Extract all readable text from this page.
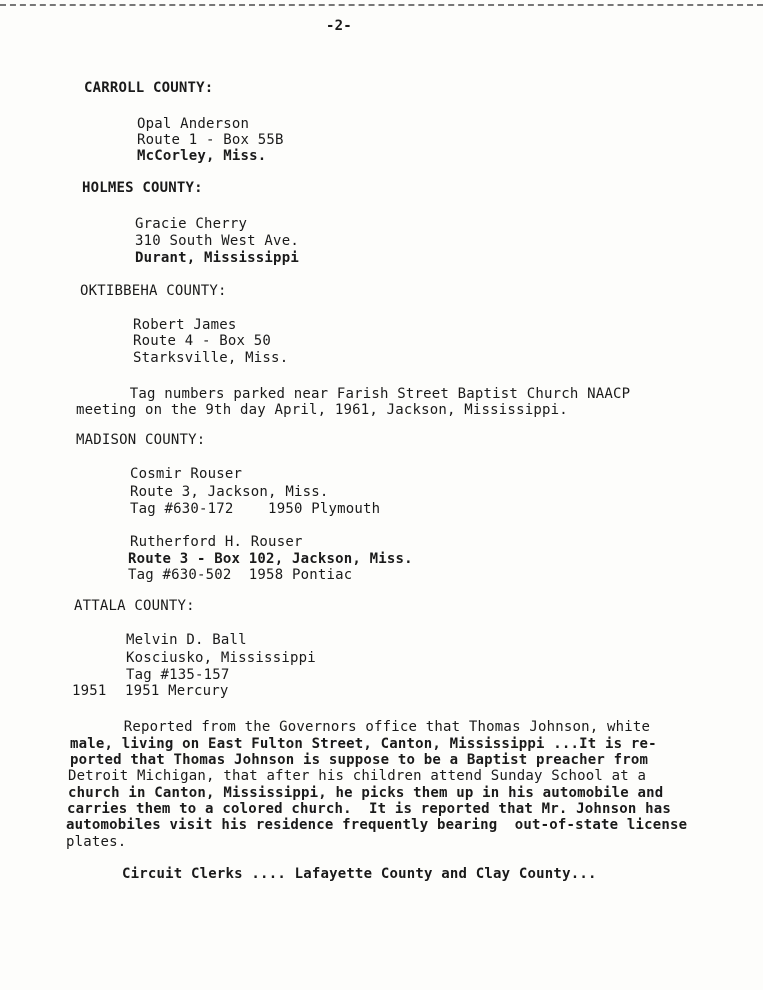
-2-
CARROLL COUNTY:
Opal Anderson
Route 1 - Box 55B
McCorley, Miss.
HOLMES COUNTY:
Gracie Cherry
310 South West Ave.
Durant, Mississippi
OKTIBBEHA COUNTY:
Robert James
Route 4 - Box 50
Starksville, Miss.
Tag numbers parked near Farish Street Baptist Church NAACP
meeting on the 9th day April, 1961, Jackson, Mississippi.
MADISON COUNTY:
Cosmir Rouser
Route 3, Jackson, Miss.
Tag #630-172    1950 Plymouth
Rutherford H. Rouser
Route 3 - Box 102, Jackson, Miss.
Tag #630-502  1958 Pontiac
ATTALA COUNTY:
Melvin D. Ball
Kosciusko, Mississippi
Tag #135-157
1951 1951 Mercury
Reported from the Governors office that Thomas Johnson, white
male, living on East Fulton Street, Canton, Mississippi ...It is re-
ported that Thomas Johnson is suppose to be a Baptist preacher from
Detroit Michigan, that after his children attend Sunday School at a
church in Canton, Mississippi, he picks them up in his automobile and
carries them to a colored church.  It is reported that Mr. Johnson has
automobiles visit his residence frequently bearing  out-of-state license
plates.
Circuit Clerks .... Lafayette County and Clay County...
